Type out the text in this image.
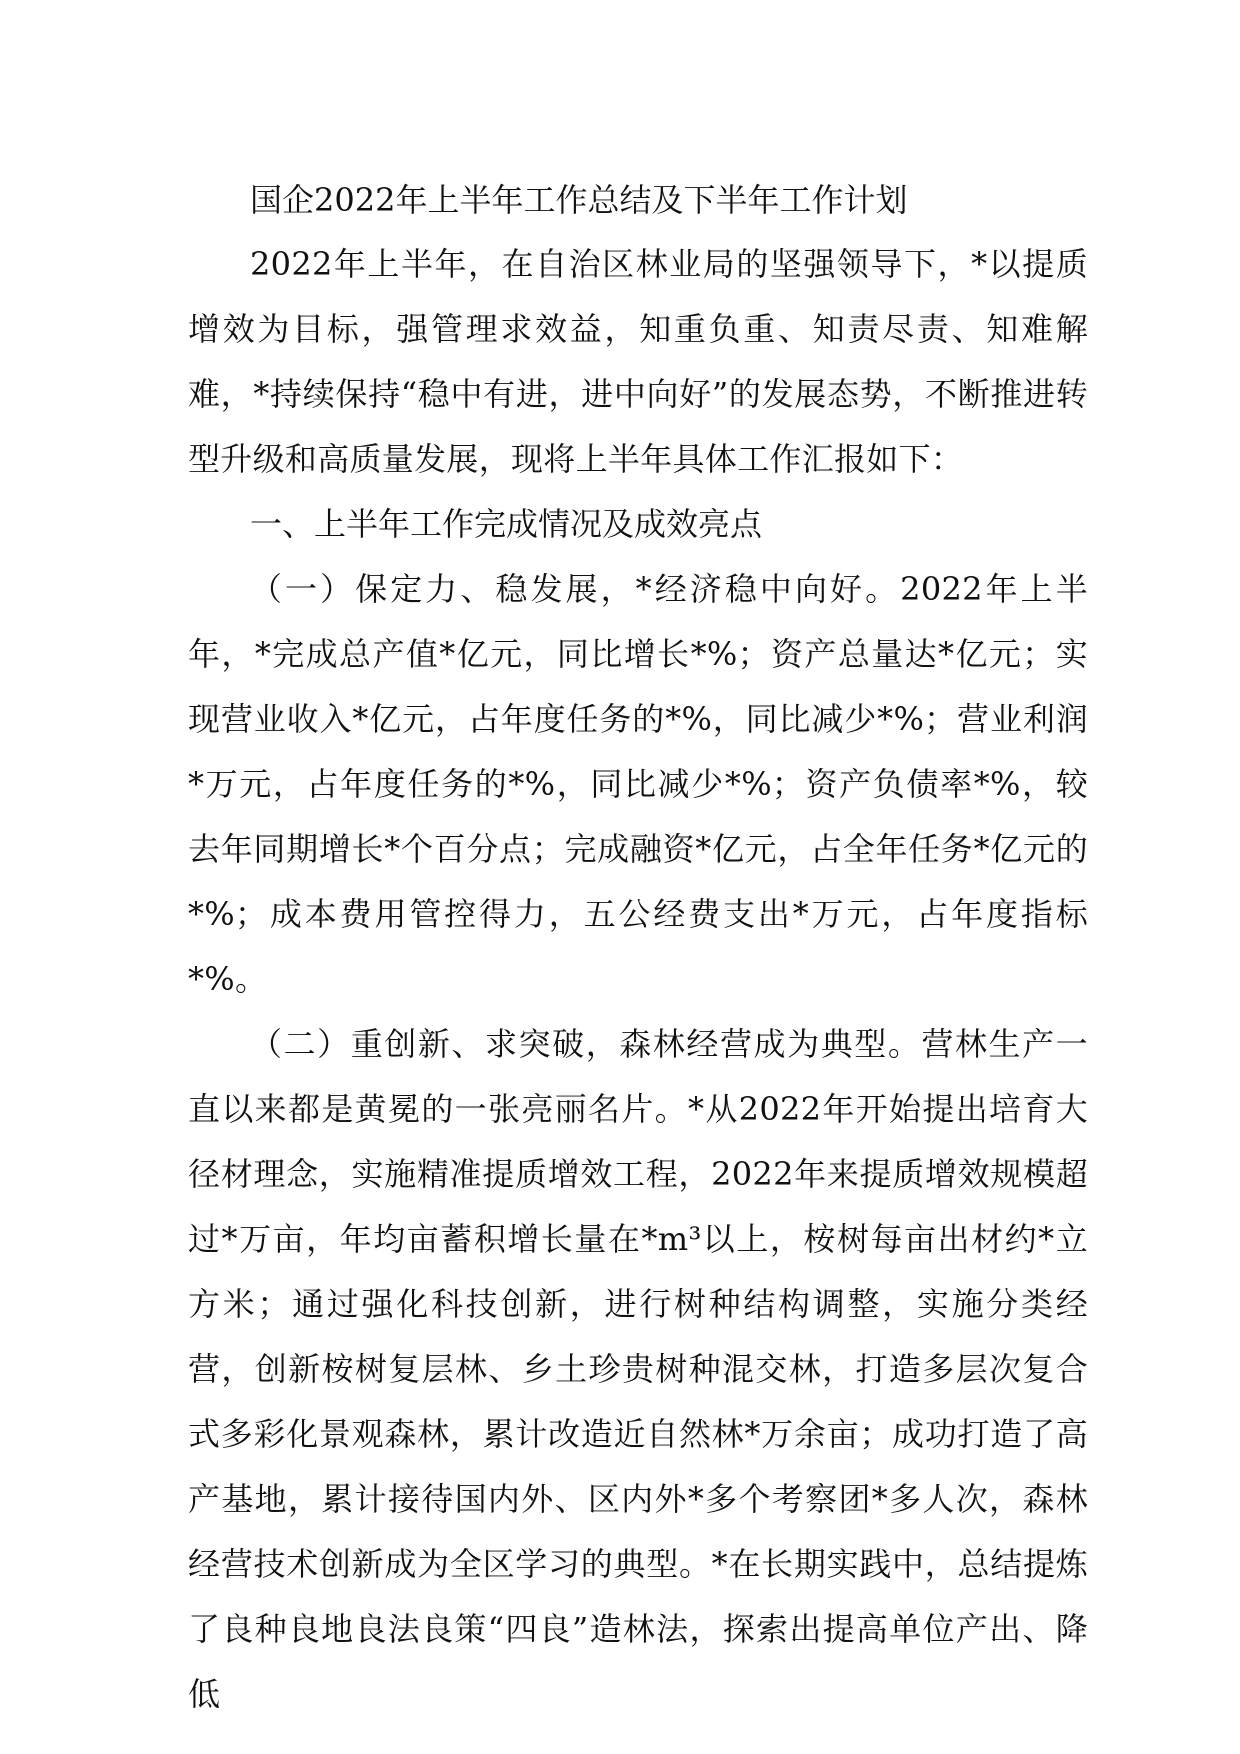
国企2022年上半年工作总结及下半年工作计划

2022年上半年，在自治区林业局的坚强领导下，*以提质增效为目标，强管理求效益，知重负重、知责尽责、知难解难，*持续保持“稳中有进，进中向好”的发展态势，不断推进转型升级和高质量发展，现将上半年具体工作汇报如下：

一、上半年工作完成情况及成效亮点

（一）保定力、稳发展，*经济稳中向好。2022年上半年，*完成总产值*亿元，同比增长*%；资产总量达*亿元；实现营业收入*亿元，占年度任务的*%，同比减少*%；营业利润*万元，占年度任务的*%，同比减少*%；资产负债率*%，较去年同期增长*个百分点；完成融资*亿元，占全年任务*亿元的*%；成本费用管控得力，五公经费支出*万元，占年度指标*%。

（二）重创新、求突破，森林经营成为典型。营林生产一直以来都是黄冕的一张亮丽名片。*从2022年开始提出培育大径材理念，实施精准提质增效工程，2022年来提质增效规模超过*万亩，年均亩蓄积增长量在*m³以上，桉树每亩出材约*立方米；通过强化科技创新，进行树种结构调整，实施分类经营，创新桉树复层林、乡土珍贵树种混交林，打造多层次复合式多彩化景观森林，累计改造近自然林*万余亩；成功打造了高产基地，累计接待国内外、区内外*多个考察团*多人次，森林经营技术创新成为全区学习的典型。*在长期实践中，总结提炼了良种良地良法良策“四良”造林法，探索出提高单位产出、降低
